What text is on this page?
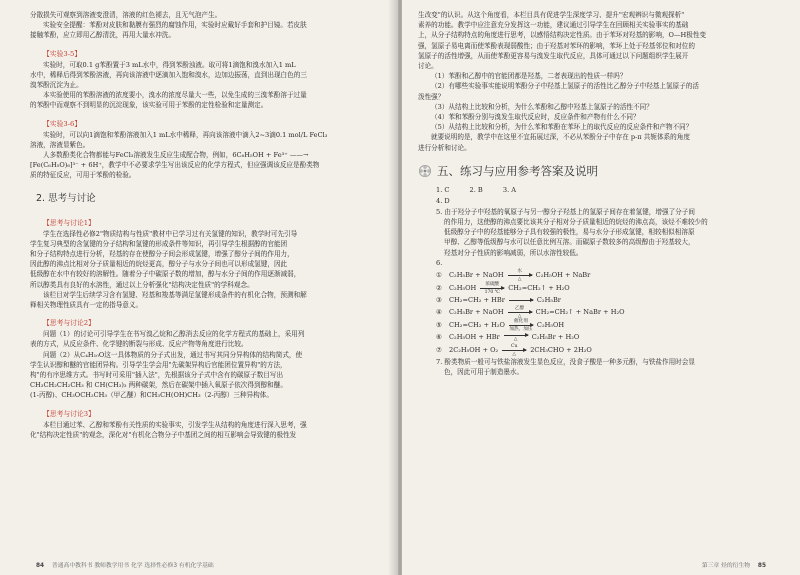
分散损失可观察到溶液变澄清，溶液的红色褪去，且无气泡产生。

实验安全提醒：苯酚对皮肤和黏膜有强烈的腐蚀作用，实验时应戴好手套和护目镜。若皮肤

接触苯酚，应立即用乙醇清洗，再用大量水冲洗。

【实验3-5】

实验时，可取0.1 g苯酚置于3 mL水中，得到苯酚浊液。取可将1滴饱和溴水加入1 mL

水中，稀释后得到苯酚溶液，再向该溶液中逐滴加入饱和溴水，边加边振荡，直到出现白色的三

溴苯酚沉淀为止。

本实验使用的苯酚溶液的浓度要小，溴水的浓度尽量大一些，以免生成的三溴苯酚溶于过量

的苯酚中而观察不到明显的沉淀现象，该实验可用于苯酚的定性检验和定量测定。

【实验3-6】

实验时，可以向1滴饱和苯酚溶液加入1 mL水中稀释，再向该溶液中滴入2~3滴0.1 mol/L FeCl₃

溶液，溶液显紫色。

人多数酚类化合物都能与FeCl₃溶液发生反应生成配合物，例如，6C₆H₅OH + Fe³⁺ ——→

[Fe(C₆H₅O)₆]³⁻ + 6H⁺，教学中不必要求学生写出该反应的化学方程式，但应强调该反应是酚类物

质的特征反应，可用于苯酚的检验。

2. 思考与讨论
【思考与讨论1】

学生在选择性必修2"物质结构与性质"教材中已学习过有关氢键的知识，教学时可先引导

学生复习典型的含氢键的分子结构和氢键的形成条件等知识，再引导学生根据醇的官能团

和分子结构特点进行分析，羟基的存在使醇分子间会形成氢键，增强了醇分子间的作用力，

因此醇的沸点比相对分子质量相近的烷烃更高，醇分子与水分子间也可以形成氢键，因此

低级醇在水中有较好的溶解性。随着分子中碳原子数的增加，醇与水分子间的作用逐渐减弱，

所以醇类具有良好的水溶性，通过以上分析强化"结构决定性质"的学科观念。

该栏目对学生后续学习含有氢键、羟基和羧基等满足氢键形成条件的有机化合物，预测和解

释相关物理性质具有一定的指导意义。

【思考与讨论2】

问题（1）的讨论可引导学生在书写溴乙烷和乙醇消去反应的化学方程式的基础上，采用列

表的方式，从反应条件、化学键的断裂与形成、反应产物等角度进行比较。

问题（2）从C₄H₁₀O这一具体物质的分子式出发，通过书写其同分异构体的结构简式，使

学生认识醇和醚的官能团异构。引导学生学会用"先碳架异构后官能团位置异构"的方法，

构"的有序思维方式。书写时可采用"插入法"，先根据该分子式中含有的碳原子数目写出

CH₃CH₂CH₂CH₃ 和 CH(CH₃)₃ 两种碳架，然后在碳架中插入氧原子依次得到醇和醚。

(1-丙醇)、CH₃OCH₂CH₃（甲乙醚）和CH₃CH(OH)CH₃（2-丙醇）三种异构体。

【思考与讨论3】

本栏目通过苯、乙醇和苯酚有关性质的实验事实，引发学生从结构的角度进行深入思考，强

化"结构决定性质"的观念，深化对"有机化合物分子中基团之间的相互影响会导致键的极性发

84 普通高中教科书 教师教学用书 化学 选择性必修3 有机化学基础

生改变"的认识。从这个角度看，本栏目具有促进学生深度学习、提升"宏观辨识与微观探析"

素养的功能。教学中应注意充分发挥这一功能，建议通过引导学生在回顾相关实验事实的基础

上，从分子结构特点的角度进行思考，以感悟结构决定性质。由于苯环对羟基的影响，O—H极性变

强，氢原子易电离而使苯酚表现弱酸性；由于羟基对苯环的影响，苯环上处于羟基邻位和对位的

氢原子的活性增强，从而使苯酚更容易与溴发生取代反应，具体可通过以下问题组织学生展开

讨论。

（1）苯酚和乙醇中的官能团都是羟基，二者表现出的性质一样吗？

（2）有哪些实验事实能说明苯酚分子中羟基上氢原子的活性比乙醇分子中羟基上氢原子的活

泼性强？

（3）从结构上比较和分析，为什么苯酚和乙醇中羟基上氢原子的活性不同？

（4）苯和苯酚分别与溴发生取代反应时，反应条件和产物有什么不同？

（5）从结构上比较和分析，为什么苯和苯酚在苯环上的取代反应的反应条件和产物不同？

就要说明的是，教学中在这里不宜拓展过深，不必从苯酚分子中存在 p-π 共轭体系的角度

进行分析和讨论。

五、练习与应用参考答案及说明
1. C	2. B	3. A
4. D

5. 由于羟分子中羟基的氧原子与另一醇分子羟基上的氢原子间存在着氢键，增强了分子间

的作用力，这使醇的沸点要比该其分子相对分子质量相近的烷烃的沸点高，该烃不难较少的

低级醇分子中的羟基能够分子具有较强的极性，易与水分子形成氢键，相较相似相溶原

甲醇、乙醇等低级醇与水可以任意比例互溶。而碳原子数较多的高级醇由于羟基较大，

羟基对分子性质的影响减弱，所以水溶性较低。

6.
①	C₂H₅Br + NaOH	水
△
C₂H₅OH + NaBr
②	C₂H₅OH 浓硫酸
170 ℃
CH₂=CH₂↑ + H₂O
③	CH₂=CH₂ + HBr → C₂H₅Br
④	C₂H₅Br + NaOH 乙醇
△
CH₂=CH₂↑ + NaBr + H₂O
⑤	CH₂=CH₂ + H₂O 催化剂
加热、加压
C₂H₅OH
⑥	C₂H₅OH + HBr	△ C₂H₅Br + H₂O
⑦	2C₂H₅OH + O₂	Cu
△
2CH₃CHO + 2H₂O

7. 酚类物质一般可与铁盐溶液发生显色反应，没食子酸是一种多元酚，与铁盐作用时会显

色，因此可用于制造墨水。

第三章 烃的衍生物 85
